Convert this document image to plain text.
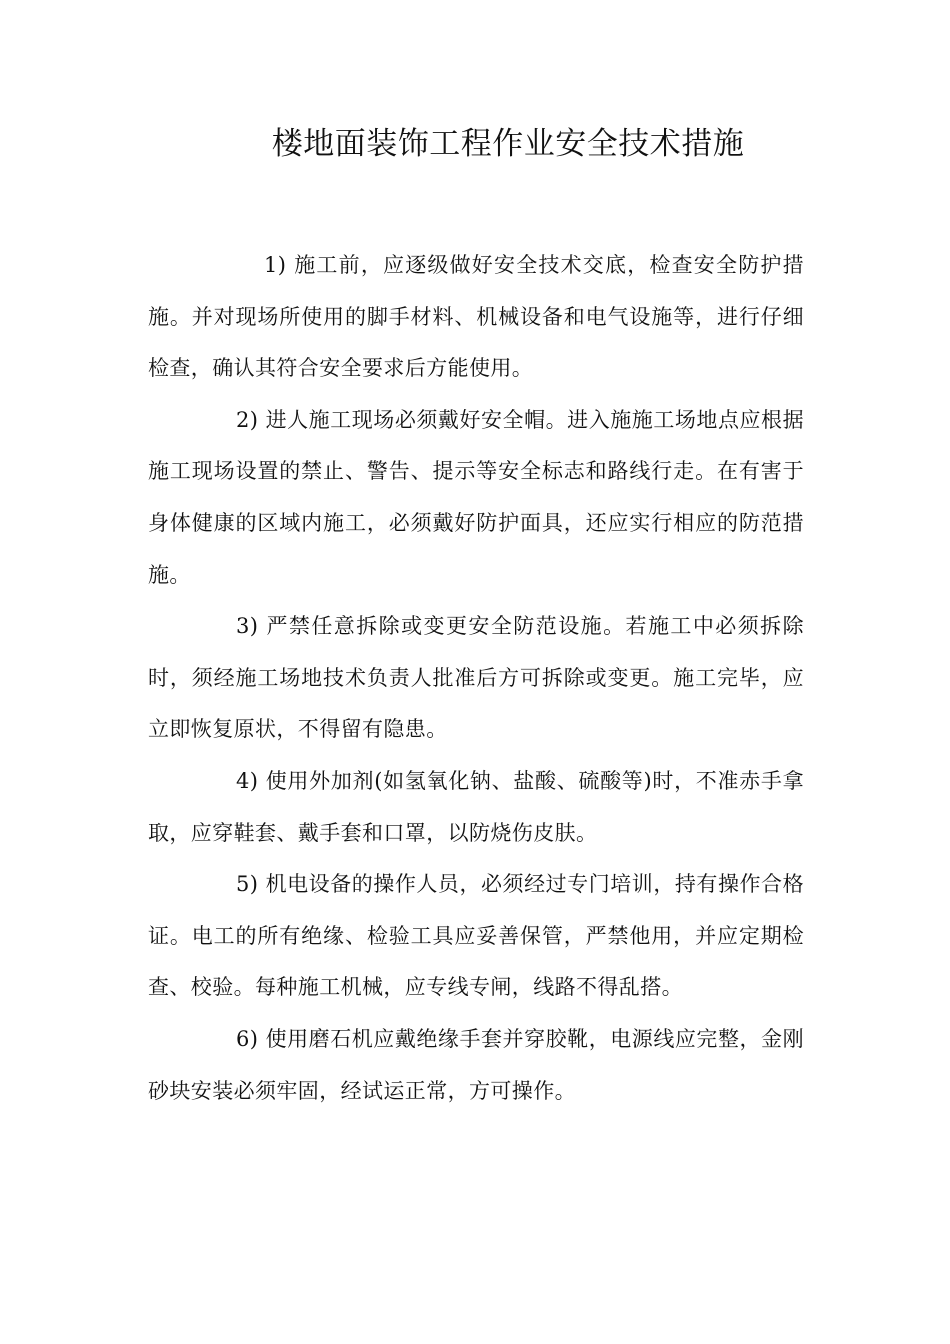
楼地面装饰工程作业安全技术措施

1) 施工前，应逐级做好安全技术交底，检查安全防护措施。并对现场所使用的脚手材料、机械设备和电气设施等，进行仔细检查，确认其符合安全要求后方能使用。

2) 进人施工现场必须戴好安全帽。进入施施工场地点应根据施工现场设置的禁止、警告、提示等安全标志和路线行走。在有害于身体健康的区域内施工，必须戴好防护面具，还应实行相应的防范措施。

3) 严禁任意拆除或变更安全防范设施。若施工中必须拆除时，须经施工场地技术负责人批准后方可拆除或变更。施工完毕，应立即恢复原状，不得留有隐患。

4) 使用外加剂(如氢氧化钠、盐酸、硫酸等)时，不准赤手拿取，应穿鞋套、戴手套和口罩，以防烧伤皮肤。

5) 机电设备的操作人员，必须经过专门培训，持有操作合格证。电工的所有绝缘、检验工具应妥善保管，严禁他用，并应定期检查、校验。每种施工机械，应专线专闸，线路不得乱搭。

6) 使用磨石机应戴绝缘手套并穿胶靴，电源线应完整，金刚砂块安装必须牢固，经试运正常，方可操作。
